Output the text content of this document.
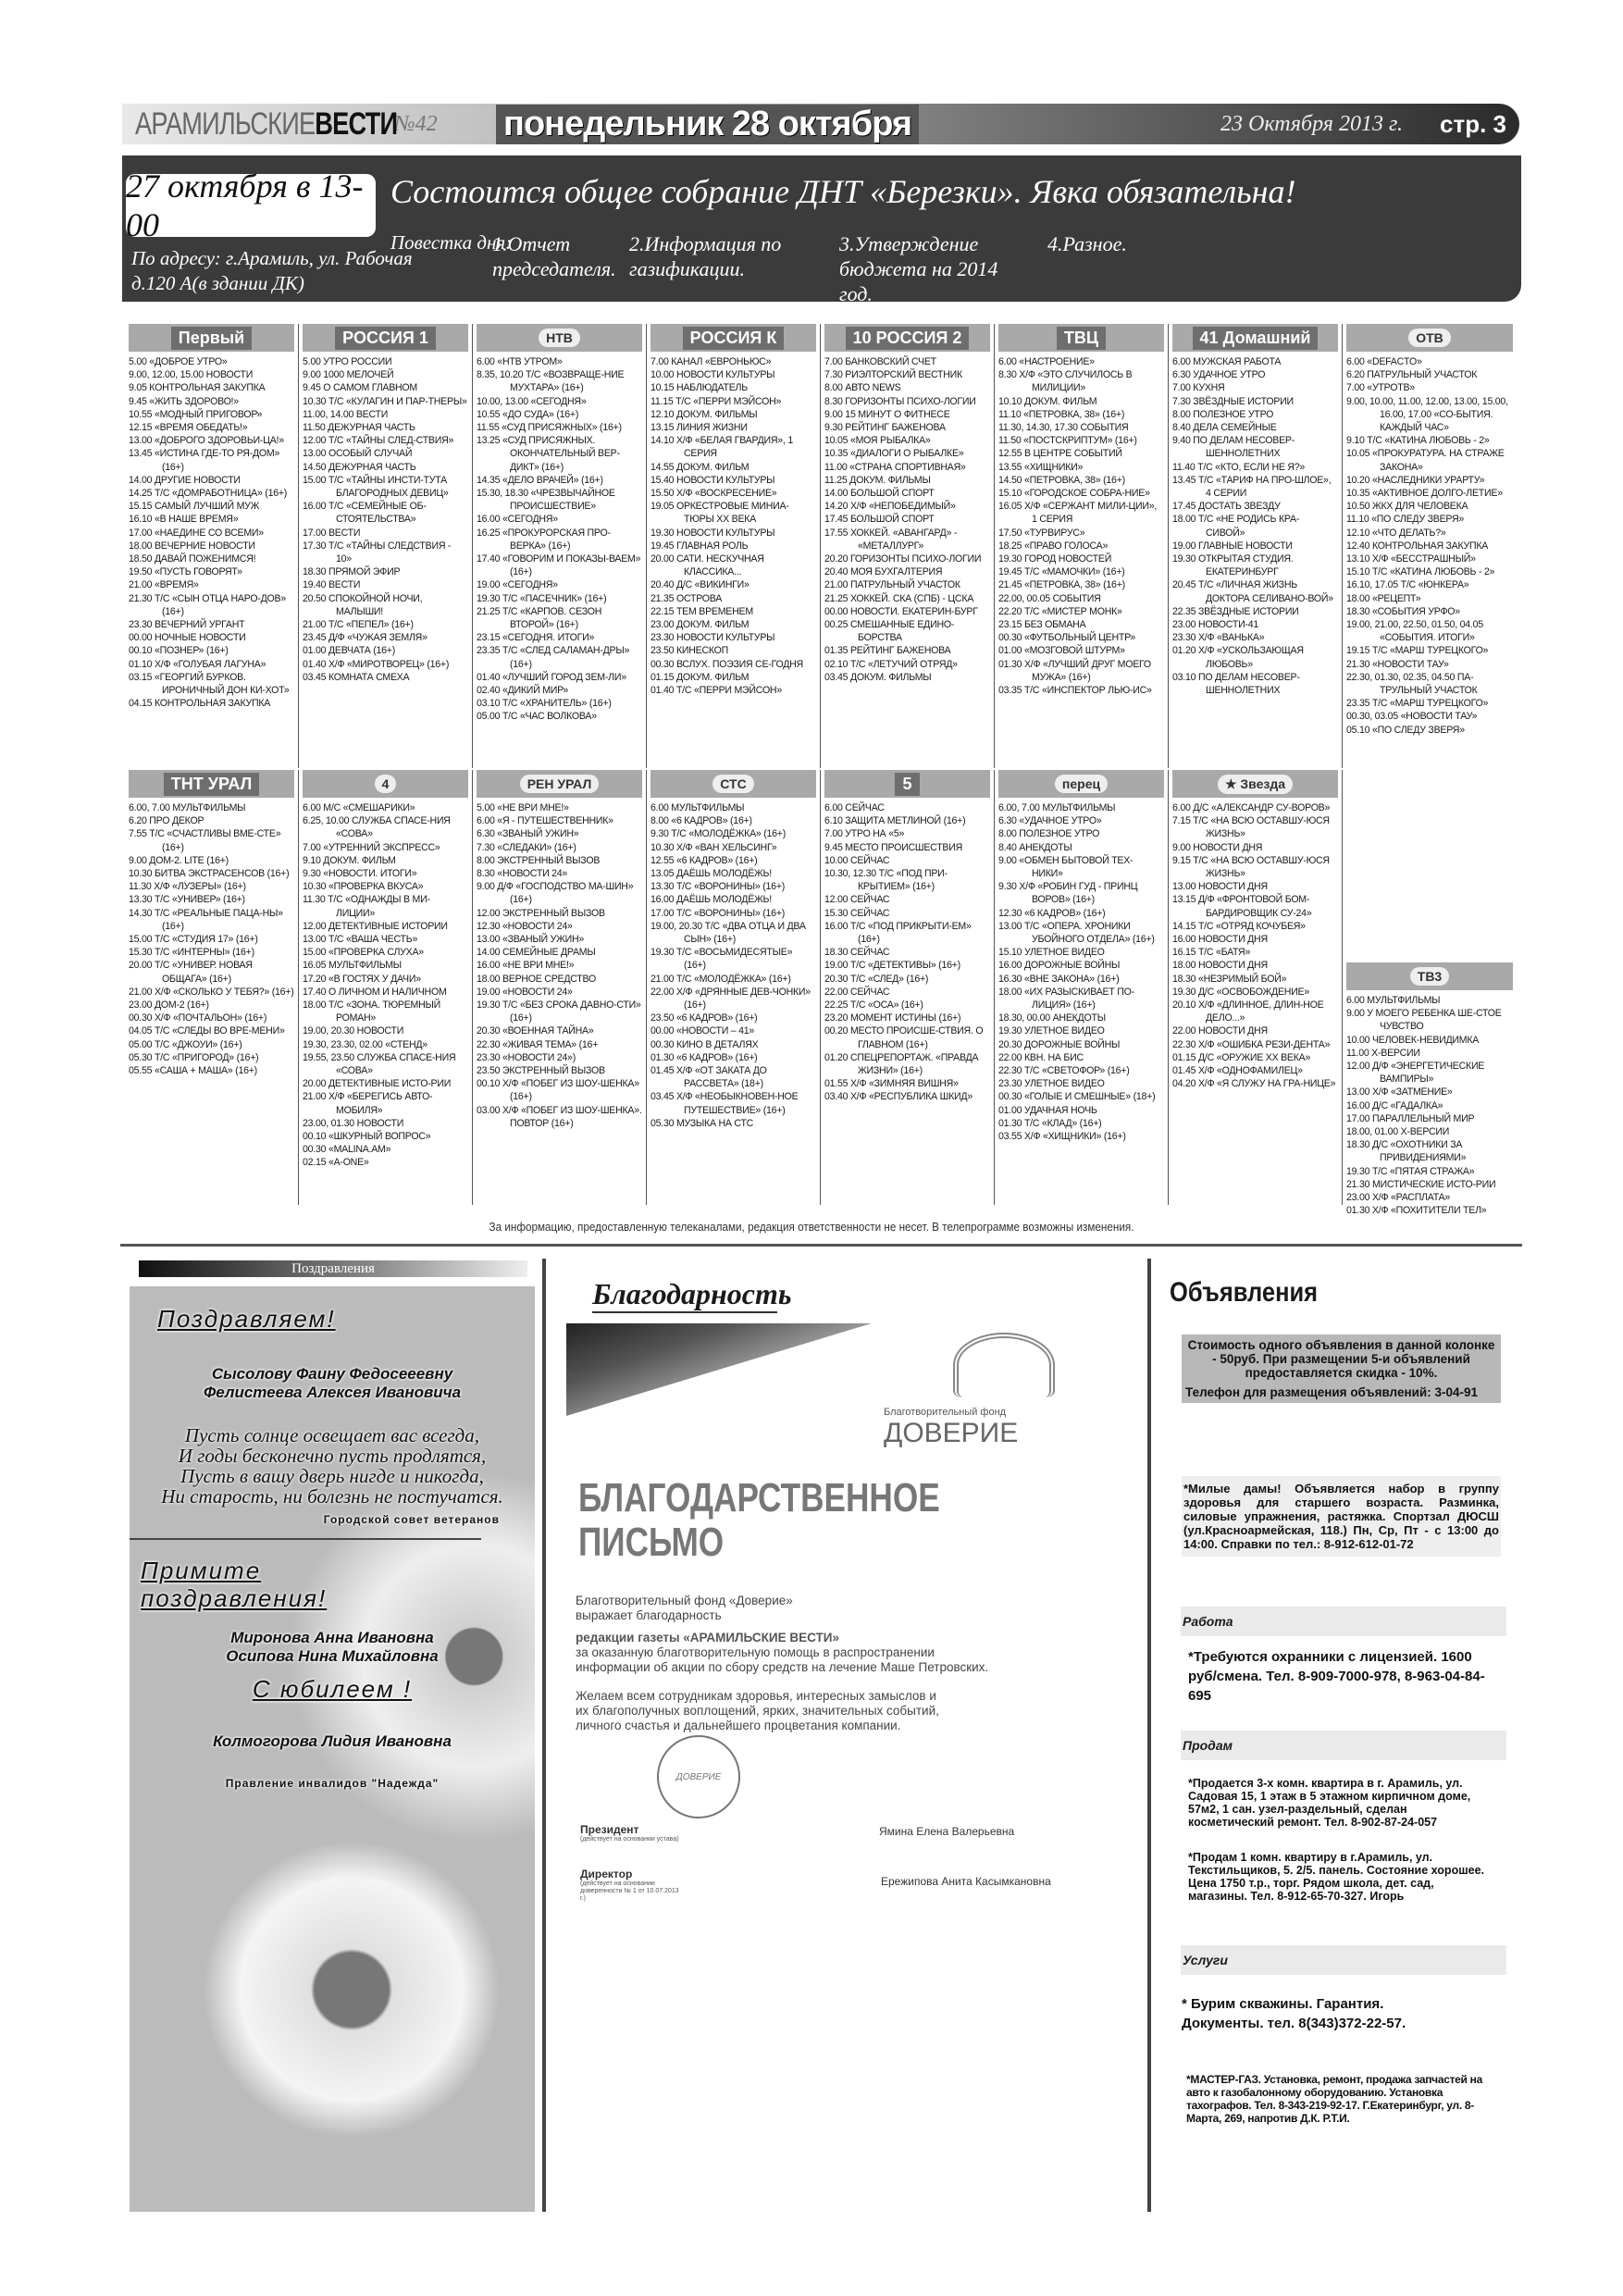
АРАМИЛЬСКИЕВЕСТИ
№42	понедельник 28 октября	23 Октября 2013 г. стр. 3
27 октября в 13-00
По адресу: г.Арамиль, ул. Рабочая д.120 А(в здании ДК)
Состоится общее собрание ДНТ «Березки». Явка обязательна!
Повестка дня:
1.Отчет председателя.
2.Информация по газификации.
3.Утверждение бюджета на 2014 год.
4.Разное.
Первый
5.00 «ДОБРОЕ УТРО»
9.00, 12.00, 15.00 НОВОСТИ
9.05 КОНТРОЛЬНАЯ ЗАКУПКА
9.45 «ЖИТЬ ЗДОРОВО!»
10.55 «МОДНЫЙ ПРИГОВОР»
12.15 «ВРЕМЯ ОБЕДАТЬ!»
13.00 «ДОБРОГО ЗДОРОВЬИ-ЦА!»
13.45 «ИСТИНА ГДЕ-ТО РЯ-ДОМ» (16+)
14.00 ДРУГИЕ НОВОСТИ
14.25 Т/С «ДОМРАБОТНИЦА» (16+)
15.15 САМЫЙ ЛУЧШИЙ МУЖ
16.10 «В НАШЕ ВРЕМЯ»
17.00 «НАЕДИНЕ СО ВСЕМИ»
18.00 ВЕЧЕРНИЕ НОВОСТИ
18.50 ДАВАЙ ПОЖЕНИМСЯ!
19.50 «ПУСТЬ ГОВОРЯТ»
21.00 «ВРЕМЯ»
21.30 Т/С «СЫН ОТЦА НАРО-ДОВ» (16+)
23.30 ВЕЧЕРНИЙ УРГАНТ
00.00 НОЧНЫЕ НОВОСТИ
00.10 «ПОЗНЕР» (16+)
01.10 Х/Ф «ГОЛУБАЯ ЛАГУНА»
03.15 «ГЕОРГИЙ БУРКОВ. ИРОНИЧНЫЙ ДОН КИ-ХОТ»
04.15 КОНТРОЛЬНАЯ ЗАКУПКА
РОССИЯ 1
5.00 УТРО РОССИИ
9.00 1000 МЕЛОЧЕЙ
9.45 О САМОМ ГЛАВНОМ
10.30 Т/С «КУЛАГИН И ПАР-ТНЕРЫ»
11.00, 14.00 ВЕСТИ
11.50 ДЕЖУРНАЯ ЧАСТЬ
12.00 Т/С «ТАЙНЫ СЛЕД-СТВИЯ»
13.00 ОСОБЫЙ СЛУЧАЙ
14.50 ДЕЖУРНАЯ ЧАСТЬ
15.00 Т/С «ТАЙНЫ ИНСТИ-ТУТА БЛАГОРОДНЫХ ДЕВИЦ»
16.00 Т/С «СЕМЕЙНЫЕ ОБ-СТОЯТЕЛЬСТВА»
17.00 ВЕСТИ
17.30 Т/С «ТАЙНЫ СЛЕДСТВИЯ - 10»
18.30 ПРЯМОЙ ЭФИР
19.40 ВЕСТИ
20.50 СПОКОЙНОЙ НОЧИ, МАЛЫШИ!
21.00 Т/С «ПЕПЕЛ» (16+)
23.45 Д/Ф «ЧУЖАЯ ЗЕМЛЯ»
01.00 ДЕВЧАТА (16+)
01.40 Х/Ф «МИРОТВОРЕЦ» (16+)
03.45 КОМНАТА СМЕХА
НТВ
6.00 «НТВ УТРОМ»
8.35, 10.20 Т/С «ВОЗВРАЩЕ-НИЕ МУХТАРА» (16+)
10.00, 13.00 «СЕГОДНЯ»
10.55 «ДО СУДА» (16+)
11.55 «СУД ПРИСЯЖНЫХ» (16+)
13.25 «СУД ПРИСЯЖНЫХ. ОКОНЧАТЕЛЬНЫЙ ВЕР-ДИКТ» (16+)
14.35 «ДЕЛО ВРАЧЕЙ» (16+)
15.30, 18.30 «ЧРЕЗВЫЧАЙНОЕ ПРОИСШЕСТВИЕ»
16.00 «СЕГОДНЯ»
16.25 «ПРОКУРОРСКАЯ ПРО-ВЕРКА» (16+)
17.40 «ГОВОРИМ И ПОКАЗЫ-ВАЕМ» (16+)
19.00 «СЕГОДНЯ»
19.30 Т/С «ПАСЕЧНИК» (16+)
21.25 Т/С «КАРПОВ. СЕЗОН ВТОРОЙ» (16+)
23.15 «СЕГОДНЯ. ИТОГИ»
23.35 Т/С «СЛЕД САЛАМАН-ДРЫ» (16+)
01.40 «ЛУЧШИЙ ГОРОД ЗЕМ-ЛИ»
02.40 «ДИКИЙ МИР»
03.10 Т/С «ХРАНИТЕЛЬ» (16+)
05.00 Т/С «ЧАС ВОЛКОВА»
РОССИЯ К
7.00 КАНАЛ «ЕВРОНЬЮС»
10.00 НОВОСТИ КУЛЬТУРЫ
10.15 НАБЛЮДАТЕЛЬ
11.15 Т/С «ПЕРРИ МЭЙСОН»
12.10 ДОКУМ. ФИЛЬМЫ
13.15 ЛИНИЯ ЖИЗНИ
14.10 Х/Ф «БЕЛАЯ ГВАРДИЯ», 1 СЕРИЯ
14.55 ДОКУМ. ФИЛЬМ
15.40 НОВОСТИ КУЛЬТУРЫ
15.50 Х/Ф «ВОСКРЕСЕНИЕ»
19.05 ОРКЕСТРОВЫЕ МИНИА-ТЮРЫ XX ВЕКА
19.30 НОВОСТИ КУЛЬТУРЫ
19.45 ГЛАВНАЯ РОЛЬ
20.00 САТИ. НЕСКУЧНАЯ КЛАССИКА...
20.40 Д/С «ВИКИНГИ»
21.35 ОСТРОВА
22.15 ТЕМ ВРЕМЕНЕМ
23.00 ДОКУМ. ФИЛЬМ
23.30 НОВОСТИ КУЛЬТУРЫ
23.50 КИНЕСКОП
00.30 ВСЛУХ. ПОЭЗИЯ СЕ-ГОДНЯ
01.15 ДОКУМ. ФИЛЬМ
01.40 Т/С «ПЕРРИ МЭЙСОН»
10 РОССИЯ 2
7.00 БАНКОВСКИЙ СЧЕТ
7.30 РИЭЛТОРСКИЙ ВЕСТНИК
8.00 АВТО NEWS
8.30 ГОРИЗОНТЫ ПСИХО-ЛОГИИ
9.00 15 МИНУТ О ФИТНЕСЕ
9.30 РЕЙТИНГ БАЖЕНОВА
10.05 «МОЯ РЫБАЛКА»
10.35 «ДИАЛОГИ О РЫБАЛКЕ»
11.00 «СТРАНА СПОРТИВНАЯ»
11.25 ДОКУМ. ФИЛЬМЫ
14.00 БОЛЬШОЙ СПОРТ
14.20 Х/Ф «НЕПОБЕДИМЫЙ»
17.45 БОЛЬШОЙ СПОРТ
17.55 ХОККЕЙ. «АВАНГАРД» - «МЕТАЛЛУРГ»
20.20 ГОРИЗОНТЫ ПСИХО-ЛОГИИ
20.40 МОЯ БУХГАЛТЕРИЯ
21.00 ПАТРУЛЬНЫЙ УЧАСТОК
21.25 ХОККЕЙ. СКА (СПБ) - ЦСКА
00.00 НОВОСТИ. ЕКАТЕРИН-БУРГ
00.25 СМЕШАННЫЕ ЕДИНО-БОРСТВА
01.35 РЕЙТИНГ БАЖЕНОВА
02.10 Т/С «ЛЕТУЧИЙ ОТРЯД»
03.45 ДОКУМ. ФИЛЬМЫ
ТВЦ
6.00 «НАСТРОЕНИЕ»
8.30 Х/Ф «ЭТО СЛУЧИЛОСЬ В МИЛИЦИИ»
10.10 ДОКУМ. ФИЛЬМ
11.10 «ПЕТРОВКА, 38» (16+)
11.30, 14.30, 17.30 СОБЫТИЯ
11.50 «ПОСТСКРИПТУМ» (16+)
12.55 В ЦЕНТРЕ СОБЫТИЙ
13.55 «ХИЩНИКИ»
14.50 «ПЕТРОВКА, 38» (16+)
15.10 «ГОРОДСКОЕ СОБРА-НИЕ»
16.05 Х/Ф «СЕРЖАНТ МИЛИ-ЦИИ», 1 СЕРИЯ
17.50 «ТУРВИРУС»
18.25 «ПРАВО ГОЛОСА»
19.30 ГОРОД НОВОСТЕЙ
19.45 Т/С «МАМОЧКИ» (16+)
21.45 «ПЕТРОВКА, 38» (16+)
22.00, 00.05 СОБЫТИЯ
22.20 Т/С «МИСТЕР МОНК»
23.15 БЕЗ ОБМАНА
00.30 «ФУТБОЛЬНЫЙ ЦЕНТР»
01.00 «МОЗГОВОЙ ШТУРМ»
01.30 Х/Ф «ЛУЧШИЙ ДРУГ МОЕГО МУЖА» (16+)
03.35 Т/С «ИНСПЕКТОР ЛЬЮ-ИС»
41 Домашний
6.00 МУЖСКАЯ РАБОТА
6.30 УДАЧНОЕ УТРО
7.00 КУХНЯ
7.30 ЗВЁЗДНЫЕ ИСТОРИИ
8.00 ПОЛЕЗНОЕ УТРО
8.40 ДЕЛА СЕМЕЙНЫЕ
9.40 ПО ДЕЛАМ НЕСОВЕР-ШЕННОЛЕТНИХ
11.40 Т/С «КТО, ЕСЛИ НЕ Я?»
13.45 Т/С «ТАРИФ НА ПРО-ШЛОЕ», 4 СЕРИИ
17.45 ДОСТАТЬ ЗВЕЗДУ
18.00 Т/С «НЕ РОДИСЬ КРА-СИВОЙ»
19.00 ГЛАВНЫЕ НОВОСТИ
19.30 ОТКРЫТАЯ СТУДИЯ. ЕКАТЕРИНБУРГ
20.45 Т/С «ЛИЧНАЯ ЖИЗНЬ ДОКТОРА СЕЛИВАНО-ВОЙ»
22.35 ЗВЁЗДНЫЕ ИСТОРИИ
23.00 НОВОСТИ-41
23.30 Х/Ф «ВАНЬКА»
01.20 Х/Ф «УСКОЛЬЗАЮЩАЯ ЛЮБОВЬ»
03.10 ПО ДЕЛАМ НЕСОВЕР-ШЕННОЛЕТНИХ
ОТВ
6.00 «DEFACTO»
6.20 ПАТРУЛЬНЫЙ УЧАСТОК
7.00 «УТРОТВ»
9.00, 10.00, 11.00, 12.00, 13.00, 15.00, 16.00, 17.00 «СО-БЫТИЯ. КАЖДЫЙ ЧАС»
9.10 Т/С «КАТИНА ЛЮБОВЬ - 2»
10.05 «ПРОКУРАТУРА. НА СТРАЖЕ ЗАКОНА»
10.20 «НАСЛЕДНИКИ УРАРТУ»
10.35 «АКТИВНОЕ ДОЛГО-ЛЕТИЕ»
10.50 ЖКХ ДЛЯ ЧЕЛОВЕКА
11.10 «ПО СЛЕДУ ЗВЕРЯ»
12.10 «ЧТО ДЕЛАТЬ?»
12.40 КОНТРОЛЬНАЯ ЗАКУПКА
13.10 Х/Ф «БЕССТРАШНЫЙ»
15.10 Т/С «КАТИНА ЛЮБОВЬ - 2»
16.10, 17.05 Т/С «ЮНКЕРА»
18.00 «РЕЦЕПТ»
18.30 «СОБЫТИЯ УРФО»
19.00, 21.00, 22.50, 01.50, 04.05 «СОБЫТИЯ. ИТОГИ»
19.15 Т/С «МАРШ ТУРЕЦКОГО»
21.30 «НОВОСТИ ТАУ»
22.30, 01.30, 02.35, 04.50 ПА-ТРУЛЬНЫЙ УЧАСТОК
23.35 Т/С «МАРШ ТУРЕЦКОГО»
00.30, 03.05 «НОВОСТИ ТАУ»
05.10 «ПО СЛЕДУ ЗВЕРЯ»
ТНТ УРАЛ
6.00, 7.00 МУЛЬТФИЛЬМЫ
6.20 ПРО ДЕКОР
7.55 Т/С «СЧАСТЛИВЫ ВМЕ-СТЕ» (16+)
9.00 ДОМ-2. LITE (16+)
10.30 БИТВА ЭКСТРАСЕНСОВ (16+)
11.30 Х/Ф «ЛУЗЕРЫ» (16+)
13.30 Т/С «УНИВЕР» (16+)
14.30 Т/С «РЕАЛЬНЫЕ ПАЦА-НЫ» (16+)
15.00 Т/С «СТУДИЯ 17» (16+)
15.30 Т/С «ИНТЕРНЫ» (16+)
20.00 Т/С «УНИВЕР. НОВАЯ ОБЩАГА» (16+)
21.00 Х/Ф «СКОЛЬКО У ТЕБЯ?» (16+)
23.00 ДОМ-2 (16+)
00.30 Х/Ф «ПОЧТАЛЬОН» (16+)
04.05 Т/С «СЛЕДЫ ВО ВРЕ-МЕНИ»
05.00 Т/С «ДЖОУИ» (16+)
05.30 Т/С «ПРИГОРОД» (16+)
05.55 «САША + МАША» (16+)
4
6.00 М/С «СМЕШАРИКИ»
6.25, 10.00 СЛУЖБА СПАСЕ-НИЯ «СОВА»
7.00 «УТРЕННИЙ ЭКСПРЕСС»
9.10 ДОКУМ. ФИЛЬМ
9.30 «НОВОСТИ. ИТОГИ»
10.30 «ПРОВЕРКА ВКУСА»
11.30 Т/С «ОДНАЖДЫ В МИ-ЛИЦИИ»
12.00 ДЕТЕКТИВНЫЕ ИСТОРИИ
13.00 Т/С «ВАША ЧЕСТЬ»
15.00 «ПРОВЕРКА СЛУХА»
16.05 МУЛЬТФИЛЬМЫ
17.20 «В ГОСТЯХ У ДАЧИ»
17.40 О ЛИЧНОМ И НАЛИЧНОМ
18.00 Т/С «ЗОНА. ТЮРЕМНЫЙ РОМАН»
19.00, 20.30 НОВОСТИ
19.30, 23.30, 02.00 «СТЕНД»
19.55, 23.50 СЛУЖБА СПАСЕ-НИЯ «СОВА»
20.00 ДЕТЕКТИВНЫЕ ИСТО-РИИ
21.00 Х/Ф «БЕРЕГИСЬ АВТО-МОБИЛЯ»
23.00, 01.30 НОВОСТИ
00.10 «ШКУРНЫЙ ВОПРОС»
00.30 «MALINA.AM»
02.15 «A-ONE»
РЕН УРАЛ
5.00 «НЕ ВРИ МНЕ!»
6.00 «Я - ПУТЕШЕСТВЕННИК»
6.30 «ЗВАНЫЙ УЖИН»
7.30 «СЛЕДАКИ» (16+)
8.00 ЭКСТРЕННЫЙ ВЫЗОВ
8.30 «НОВОСТИ 24»
9.00 Д/Ф «ГОСПОДСТВО МА-ШИН» (16+)
12.00 ЭКСТРЕННЫЙ ВЫЗОВ
12.30 «НОВОСТИ 24»
13.00 «ЗВАНЫЙ УЖИН»
14.00 СЕМЕЙНЫЕ ДРАМЫ
16.00 «НЕ ВРИ МНЕ!»
18.00 ВЕРНОЕ СРЕДСТВО
19.00 «НОВОСТИ 24»
19.30 Т/С «БЕЗ СРОКА ДАВНО-СТИ» (16+)
20.30 «ВОЕННАЯ ТАЙНА»
22.30 «ЖИВАЯ ТЕМА» (16+
23.30 «НОВОСТИ 24»)
23.50 ЭКСТРЕННЫЙ ВЫЗОВ
00.10 Х/Ф «ПОБЕГ ИЗ ШОУ-ШЕНКА» (16+)
03.00 Х/Ф «ПОБЕГ ИЗ ШОУ-ШЕНКА». ПОВТОР (16+)
СТС
6.00 МУЛЬТФИЛЬМЫ
8.00 «6 КАДРОВ» (16+)
9.30 Т/С «МОЛОДЁЖКА» (16+)
10.30 Х/Ф «ВАН ХЕЛЬСИНГ»
12.55 «6 КАДРОВ» (16+)
13.05 ДАЁШЬ МОЛОДЁЖЬ!
13.30 Т/С «ВОРОНИНЫ» (16+)
16.00 ДАЁШЬ МОЛОДЁЖЬ!
17.00 Т/С «ВОРОНИНЫ» (16+)
19.00, 20.30 Т/С «ДВА ОТЦА И ДВА СЫН» (16+)
19.30 Т/С «ВОСЬМИДЕСЯТЫЕ» (16+)
21.00 Т/С «МОЛОДЁЖКА» (16+)
22.00 Х/Ф «ДРЯННЫЕ ДЕВ-ЧОНКИ» (16+)
23.50 «6 КАДРОВ» (16+)
00.00 «НОВОСТИ – 41»
00.30 КИНО В ДЕТАЛЯХ
01.30 «6 КАДРОВ» (16+)
01.45 Х/Ф «ОТ ЗАКАТА ДО РАССВЕТА» (18+)
03.45 Х/Ф «НЕОБЫКНОВЕН-НОЕ ПУТЕШЕСТВИЕ» (16+)
05.30 МУЗЫКА НА СТС
5
6.00 СЕЙЧАС
6.10 ЗАЩИТА МЕТЛИНОЙ (16+)
7.00 УТРО НА «5»
9.45 МЕСТО ПРОИСШЕСТВИЯ
10.00 СЕЙЧАС
10.30, 12.30 Т/С «ПОД ПРИ-КРЫТИЕМ» (16+)
12.00 СЕЙЧАС
15.30 СЕЙЧАС
16.00 Т/С «ПОД ПРИКРЫТИ-ЕМ» (16+)
18.30 СЕЙЧАС
19.00 Т/С «ДЕТЕКТИВЫ» (16+)
20.30 Т/С «СЛЕД» (16+)
22.00 СЕЙЧАС
22.25 Т/С «ОСА» (16+)
23.20 МОМЕНТ ИСТИНЫ (16+)
00.20 МЕСТО ПРОИСШЕ-СТВИЯ. О ГЛАВНОМ (16+)
01.20 СПЕЦРЕПОРТАЖ. «ПРАВДА ЖИЗНИ» (16+)
01.55 Х/Ф «ЗИМНЯЯ ВИШНЯ»
03.40 Х/Ф «РЕСПУБЛИКА ШКИД»
перец
6.00, 7.00 МУЛЬТФИЛЬМЫ
6.30 «УДАЧНОЕ УТРО»
8.00 ПОЛЕЗНОЕ УТРО
8.40 АНЕКДОТЫ
9.00 «ОБМЕН БЫТОВОЙ ТЕХ-НИКИ»
9.30 Х/Ф «РОБИН ГУД - ПРИНЦ ВОРОВ» (16+)
12.30 «6 КАДРОВ» (16+)
13.00 Т/С «ОПЕРА. ХРОНИКИ УБОЙНОГО ОТДЕЛА» (16+)
15.10 УЛЕТНОЕ ВИДЕО
16.00 ДОРОЖНЫЕ ВОЙНЫ
16.30 «ВНЕ ЗАКОНА» (16+)
18.00 «ИХ РАЗЫСКИВАЕТ ПО-ЛИЦИЯ» (16+)
18.30, 00.00 АНЕКДОТЫ
19.30 УЛЕТНОЕ ВИДЕО
20.30 ДОРОЖНЫЕ ВОЙНЫ
22.00 КВН. НА БИС
22.30 Т/С «СВЕТОФОР» (16+)
23.30 УЛЕТНОЕ ВИДЕО
00.30 «ГОЛЫЕ И СМЕШНЫЕ» (18+)
01.00 УДАЧНАЯ НОЧЬ
01.30 Т/С «КЛАД» (16+)
03.55 Х/Ф «ХИЩНИКИ» (16+)
★ Звезда
6.00 Д/С «АЛЕКСАНДР СУ-ВОРОВ»
7.15 Т/С «НА ВСЮ ОСТАВШУ-ЮСЯ ЖИЗНЬ»
9.00 НОВОСТИ ДНЯ
9.15 Т/С «НА ВСЮ ОСТАВШУ-ЮСЯ ЖИЗНЬ»
13.00 НОВОСТИ ДНЯ
13.15 Д/Ф «ФРОНТОВОЙ БОМ-БАРДИРОВЩИК СУ-24»
14.15 Т/С «ОТРЯД КОЧУБЕЯ»
16.00 НОВОСТИ ДНЯ
16.15 Т/С «БАТЯ»
18.00 НОВОСТИ ДНЯ
18.30 «НЕЗРИМЫЙ БОЙ»
19.30 Д/С «ОСВОБОЖДЕНИЕ»
20.10 Х/Ф «ДЛИННОЕ, ДЛИН-НОЕ ДЕЛО...»
22.00 НОВОСТИ ДНЯ
22.30 Х/Ф «ОШИБКА РЕЗИ-ДЕНТА»
01.15 Д/С «ОРУЖИЕ XX ВЕКА»
01.45 Х/Ф «ОДНОФАМИЛЕЦ»
04.20 Х/Ф «Я СЛУЖУ НА ГРА-НИЦЕ»
ТВ3
6.00 МУЛЬТФИЛЬМЫ
9.00 У МОЕГО РЕБЕНКА ШЕ-СТОЕ ЧУВСТВО
10.00 ЧЕЛОВЕК-НЕВИДИМКА
11.00 Х-ВЕРСИИ
12.00 Д/Ф «ЭНЕРГЕТИЧЕСКИЕ ВАМПИРЫ»
13.00 Х/Ф «ЗАТМЕНИЕ»
16.00 Д/С «ГАДАЛКА»
17.00 ПАРАЛЛЕЛЬНЫЙ МИР
18.00, 01.00 Х-ВЕРСИИ
18.30 Д/С «ОХОТНИКИ ЗА ПРИВИДЕНИЯМИ»
19.30 Т/С «ПЯТАЯ СТРАЖА»
21.30 МИСТИЧЕСКИЕ ИСТО-РИИ
23.00 Х/Ф «РАСПЛАТА»
01.30 Х/Ф «ПОХИТИТЕЛИ ТЕЛ»
За информацию, предоставленную телеканалами, редакция ответственности не несет. В телепрограмме возможны изменения.
Поздравления
Поздравляем!
Сысолову Фаину Федосееевну
Фелистеева Алексея Ивановича
Пусть солнце освещает вас всегда,
И годы бесконечно пусть продлятся,
Пусть в вашу дверь нигде и никогда,
Ни старость, ни болезнь не постучатся.
Городской совет ветеранов
Примите
поздравления!
Миронова Анна Ивановна
Осипова Нина Михайловна
С юбилеем !
Колмогорова Лидия Ивановна
Правление инвалидов "Надежда"
Благодарность
Благотворительный фонд
ДОВЕРИЕ
БЛАГОДАРСТВЕННОЕ ПИСЬМО
Благотворительный фонд «Доверие»
выражает благодарность
редакции газеты «АРАМИЛЬСКИЕ ВЕСТИ»
за оказанную благотворительную помощь в распространении
информации об акции по сбору средств на лечение Маше Петровских.
Желаем всем сотрудникам здоровья, интересных замыслов и
их благополучных воплощений, ярких, значительных событий,
личного счастья и дальнейшего процветания компании.
ДОВЕРИЕ
Президент
(действует на основании устава)
Ямина Елена Валерьевна
Директор
(действует на основании доверенности № 1 от 10.07.2013 г.)
Ережипова Анита Касымкановна
Объявления
Стоимость одного объявления в данной колонке - 50руб. При размещении 5-и объявлений предоставляется скидка - 10%.
Телефон для размещения объявлений: 3-04-91
*Милые дамы! Объявляется набор в группу здоровья для старшего возраста. Разминка, силовые упражнения, растяжка. Спортзал ДЮСШ (ул.Красноармейская, 118.) Пн, Ср, Пт - с 13:00 до 14:00. Справки по тел.: 8-912-612-01-72
Работа
*Требуются охранники с лицензией. 1600 руб/смена. Тел. 8-909-7000-978, 8-963-04-84-695
Продам
*Продается 3-х комн. квартира в г. Арамиль, ул. Садовая 15, 1 этаж в 5 этажном кирпичном доме, 57м2, 1 сан. узел-раздельный, сделан косметический ремонт. Тел. 8-902-87-24-057
*Продам 1 комн. квартиру в г.Арамиль, ул. Текстильщиков, 5. 2/5. панель. Состояние хорошее. Цена 1750 т.р., торг. Рядом школа, дет. сад, магазины. Тел. 8-912-65-70-327. Игорь
Услуги
* Бурим скважины. Гарантия. Документы. тел. 8(343)372-22-57.
*МАСТЕР-ГАЗ. Установка, ремонт, продажа запчастей на авто к газобалонному оборудованию. Установка тахографов. Тел. 8-343-219-92-17. Г.Екатеринбург, ул. 8-Марта, 269, напротив Д.К. Р.Т.И.
